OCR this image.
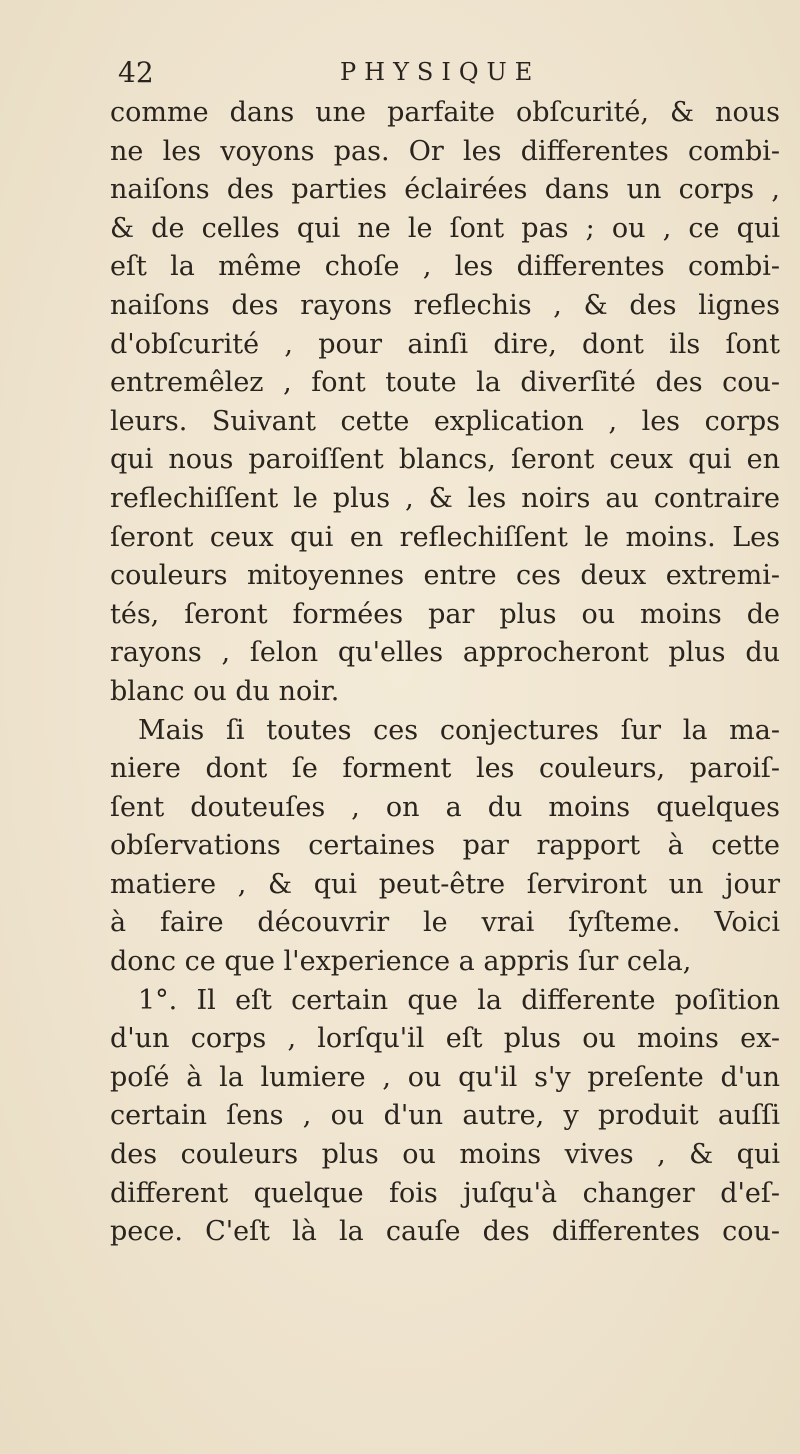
42	PHYSIQUE
comme dans une parfaite obſcurité, & nous
ne les voyons pas. Or les differentes combi-
naiſons des parties éclairées dans un corps ,
& de celles qui ne le ſont pas ; ou , ce qui
eſt la même choſe , les differentes combi-
naiſons des rayons reflechis , & des lignes
d'obſcurité , pour ainſi dire, dont ils ſont
entremêlez , font toute la diverſité des cou-
leurs. Suivant cette explication , les corps
qui nous paroiſſent blancs, ſeront ceux qui en
reflechiſſent le plus , & les noirs au contraire
ſeront ceux qui en reflechiſſent le moins. Les
couleurs mitoyennes entre ces deux extremi-
tés, ſeront formées par plus ou moins de
rayons , ſelon qu'elles approcheront plus du
blanc ou du noir.
Mais ſi toutes ces conjectures ſur la ma-
niere dont ſe forment les couleurs, paroiſ-
ſent douteuſes , on a du moins quelques
obſervations certaines par rapport à cette
matiere , & qui peut-être ſerviront un jour
à faire découvrir le vrai ſyſteme. Voici
donc ce que l'experience a appris ſur cela,
1°. Il eſt certain que la differente poſition
d'un corps , lorſqu'il eſt plus ou moins ex-
poſé à la lumiere , ou qu'il s'y preſente d'un
certain ſens , ou d'un autre, y produit auſſi
des couleurs plus ou moins vives , & qui
different quelque fois juſqu'à changer d'eſ-
pece. C'eſt là la cauſe des differentes cou-
